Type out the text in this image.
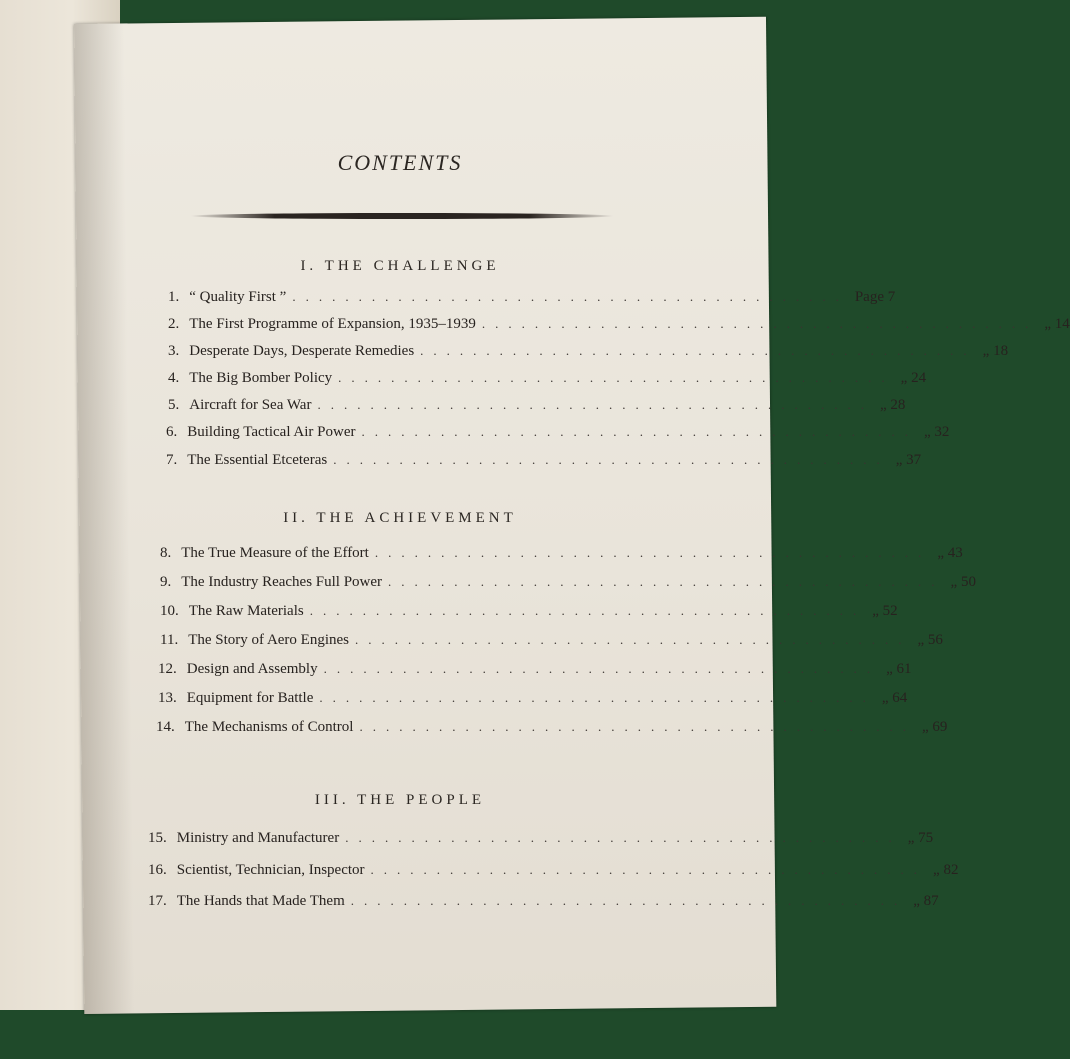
CONTENTS
I. THE CHALLENGE
1. “ Quality First ” .......................................... Page 7
2. The First Programme of Expansion, 1935–1939 .......................................... „ 14
3. Desperate Days, Desperate Remedies .......................................... „ 18
4. The Big Bomber Policy .......................................... „ 24
5. Aircraft for Sea War .......................................... „ 28
6. Building Tactical Air Power .......................................... „ 32
7. The Essential Etceteras .......................................... „ 37
II. THE ACHIEVEMENT
8. The True Measure of the Effort .......................................... „ 43
9. The Industry Reaches Full Power .......................................... „ 50
10. The Raw Materials .......................................... „ 52
11. The Story of Aero Engines .......................................... „ 56
12. Design and Assembly .......................................... „ 61
13. Equipment for Battle .......................................... „ 64
14. The Mechanisms of Control .......................................... „ 69
III. THE PEOPLE
15. Ministry and Manufacturer .......................................... „ 75
16. Scientist, Technician, Inspector .......................................... „ 82
17. The Hands that Made Them .......................................... „ 87
